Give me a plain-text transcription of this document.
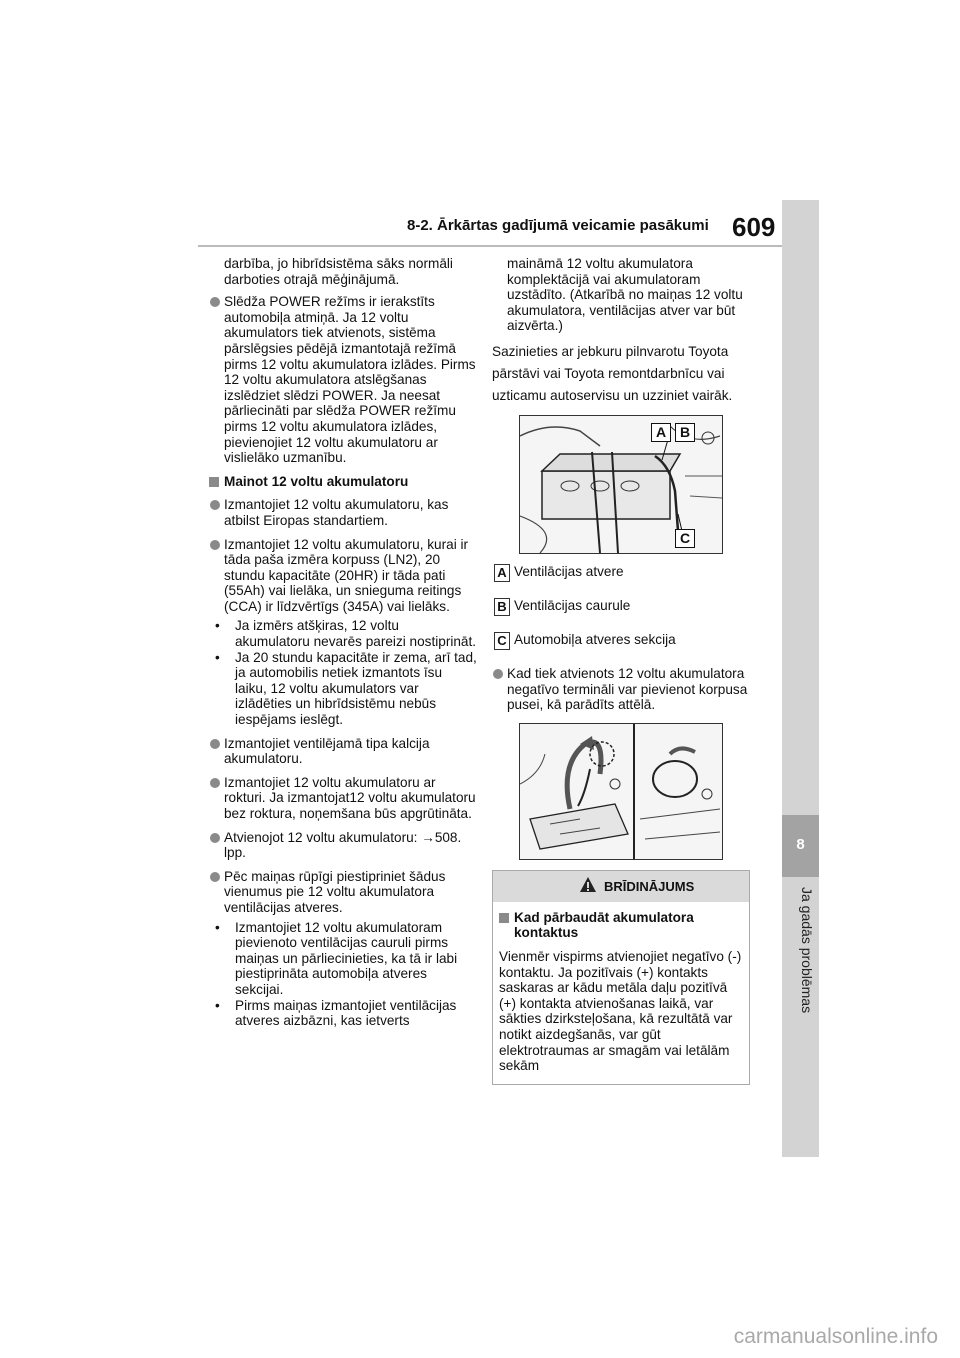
8-2. Ārkārtas gadījumā veicamie pasākumi 609
8
Ja gadās problēmas

darbība, jo hibrīdsistēma sāks normāli darboties otrajā mēģinājumā.

Slēdža POWER režīms ir ierakstīts automobiļa atmiņā. Ja 12 voltu akumulators tiek atvienots, sistēma pārslēgsies pēdējā izmantotajā režīmā pirms 12 voltu akumulatora izlādes. Pirms 12 voltu akumulatora atslēgšanas izslēdziet slēdzi POWER. Ja neesat pārliecināti par slēdža POWER režīmu pirms 12 voltu akumulatora izlādes, pievienojiet 12 voltu akumulatoru ar vislielāko uzmanību.
Mainot 12 voltu akumulatoru
Izmantojiet 12 voltu akumulatoru, kas atbilst Eiropas standartiem.
Izmantojiet 12 voltu akumulatoru, kurai ir tāda paša izmēra korpuss (LN2), 20 stundu kapacitāte (20HR) ir tāda pati (55Ah) vai lielāka, un snieguma reitings (CCA) ir līdzvērtīgs (345A) vai lielāks.

• Ja izmērs atšķiras, 12 voltu akumulatoru nevarēs pareizi nostiprināt.

• Ja 20 stundu kapacitāte ir zema, arī tad, ja automobilis netiek izmantots īsu laiku, 12 voltu akumulators var izlādēties un hibrīdsistēmu nebūs iespējams ieslēgt.

Izmantojiet ventilējamā tipa kalcija akumulatoru.
Izmantojiet 12 voltu akumulatoru ar rokturi. Ja izmantojat12 voltu akumulatoru bez roktura, noņemšana būs apgrūtināta.
Atvienojot 12 voltu akumulatoru: →508. lpp.
Pēc maiņas rūpīgi piestipriniet šādus vienumus pie 12 voltu akumulatora ventilācijas atveres.

• Izmantojiet 12 voltu akumulatoram pievienoto ventilācijas cauruli pirms maiņas un pārliecinieties, ka tā ir labi piestiprināta automobiļa atveres sekcijai.

• Pirms maiņas izmantojiet ventilācijas atveres aizbāzni, kas ietverts

maināmā 12 voltu akumulatora komplektācijā vai akumulatoram uzstādīto. (Atkarībā no maiņas 12 voltu akumulatora, ventilācijas atver var būt aizvērta.)

Sazinieties ar jebkuru pilnvarotu Toyota pārstāvi vai Toyota remontdarbnīcu vai uzticamu autoservisu un uzziniet vairāk.

A B
C
A Ventilācijas atvere
B Ventilācijas caurule
C Automobiļa atveres sekcija
Kad tiek atvienots 12 voltu akumulatora negatīvo termināli var pievienot korpusa pusei, kā parādīts attēlā.
BRĪDINĀJUMS
Kad pārbaudāt akumulatora kontaktus
Vienmēr vispirms atvienojiet negatīvo (-) kontaktu. Ja pozitīvais (+) kontakts saskaras ar kādu metāla daļu pozitīvā (+) kontakta atvienošanas laikā, var sākties dzirksteļošana, kā rezultātā var notikt aizdegšanās, var gūt elektrotraumas ar smagām vai letālām sekām
carmanualsonline.info
